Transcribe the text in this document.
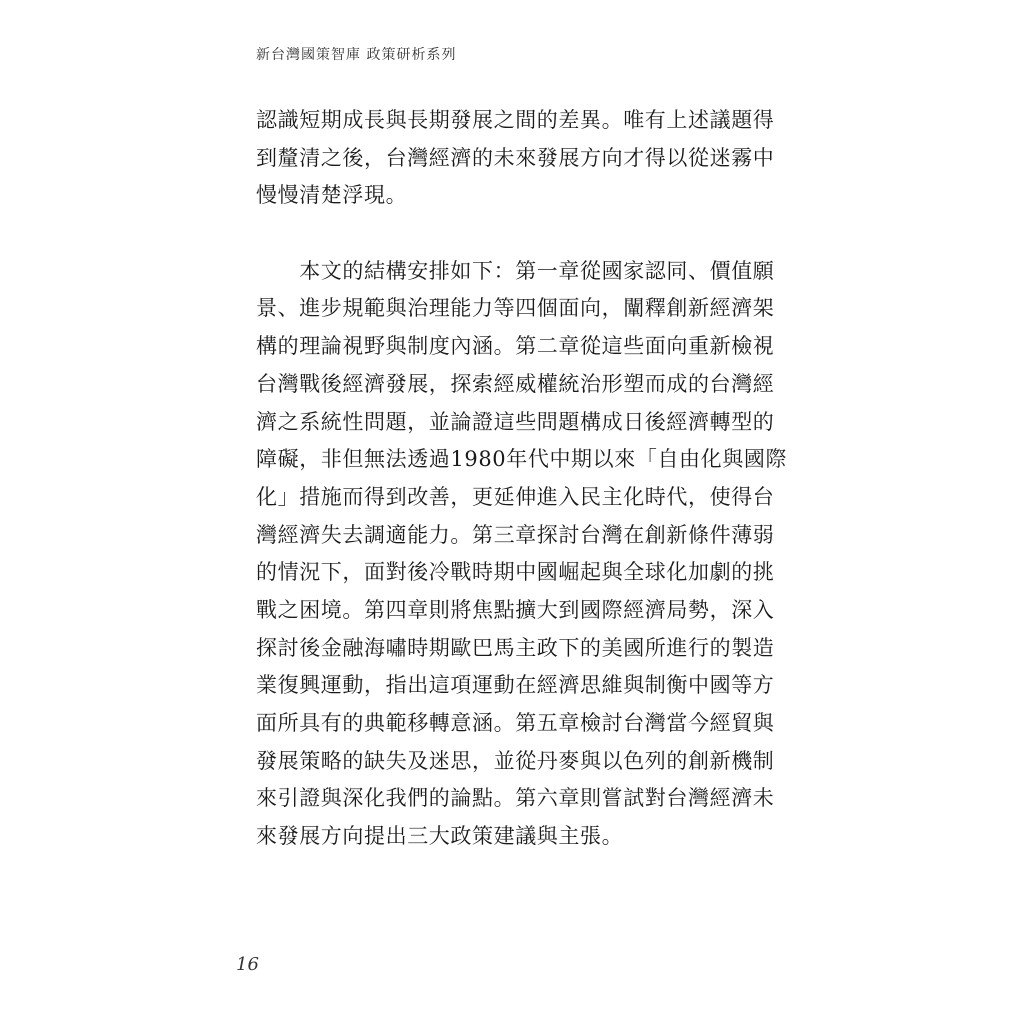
新台灣國策智庫 政策研析系列
認識短期成長與長期發展之間的差異。唯有上述議題得
到釐清之後，台灣經濟的未來發展方向才得以從迷霧中
慢慢清楚浮現。
　　本文的結構安排如下：第一章從國家認同、價值願
景、進步規範與治理能力等四個面向，闡釋創新經濟架
構的理論視野與制度內涵。第二章從這些面向重新檢視
台灣戰後經濟發展，探索經威權統治形塑而成的台灣經
濟之系統性問題，並論證這些問題構成日後經濟轉型的
障礙，非但無法透過1980年代中期以來「自由化與國際
化」措施而得到改善，更延伸進入民主化時代，使得台
灣經濟失去調適能力。第三章探討台灣在創新條件薄弱
的情況下，面對後冷戰時期中國崛起與全球化加劇的挑
戰之困境。第四章則將焦點擴大到國際經濟局勢，深入
探討後金融海嘯時期歐巴馬主政下的美國所進行的製造
業復興運動，指出這項運動在經濟思維與制衡中國等方
面所具有的典範移轉意涵。第五章檢討台灣當今經貿與
發展策略的缺失及迷思，並從丹麥與以色列的創新機制
來引證與深化我們的論點。第六章則嘗試對台灣經濟未
來發展方向提出三大政策建議與主張。
16
